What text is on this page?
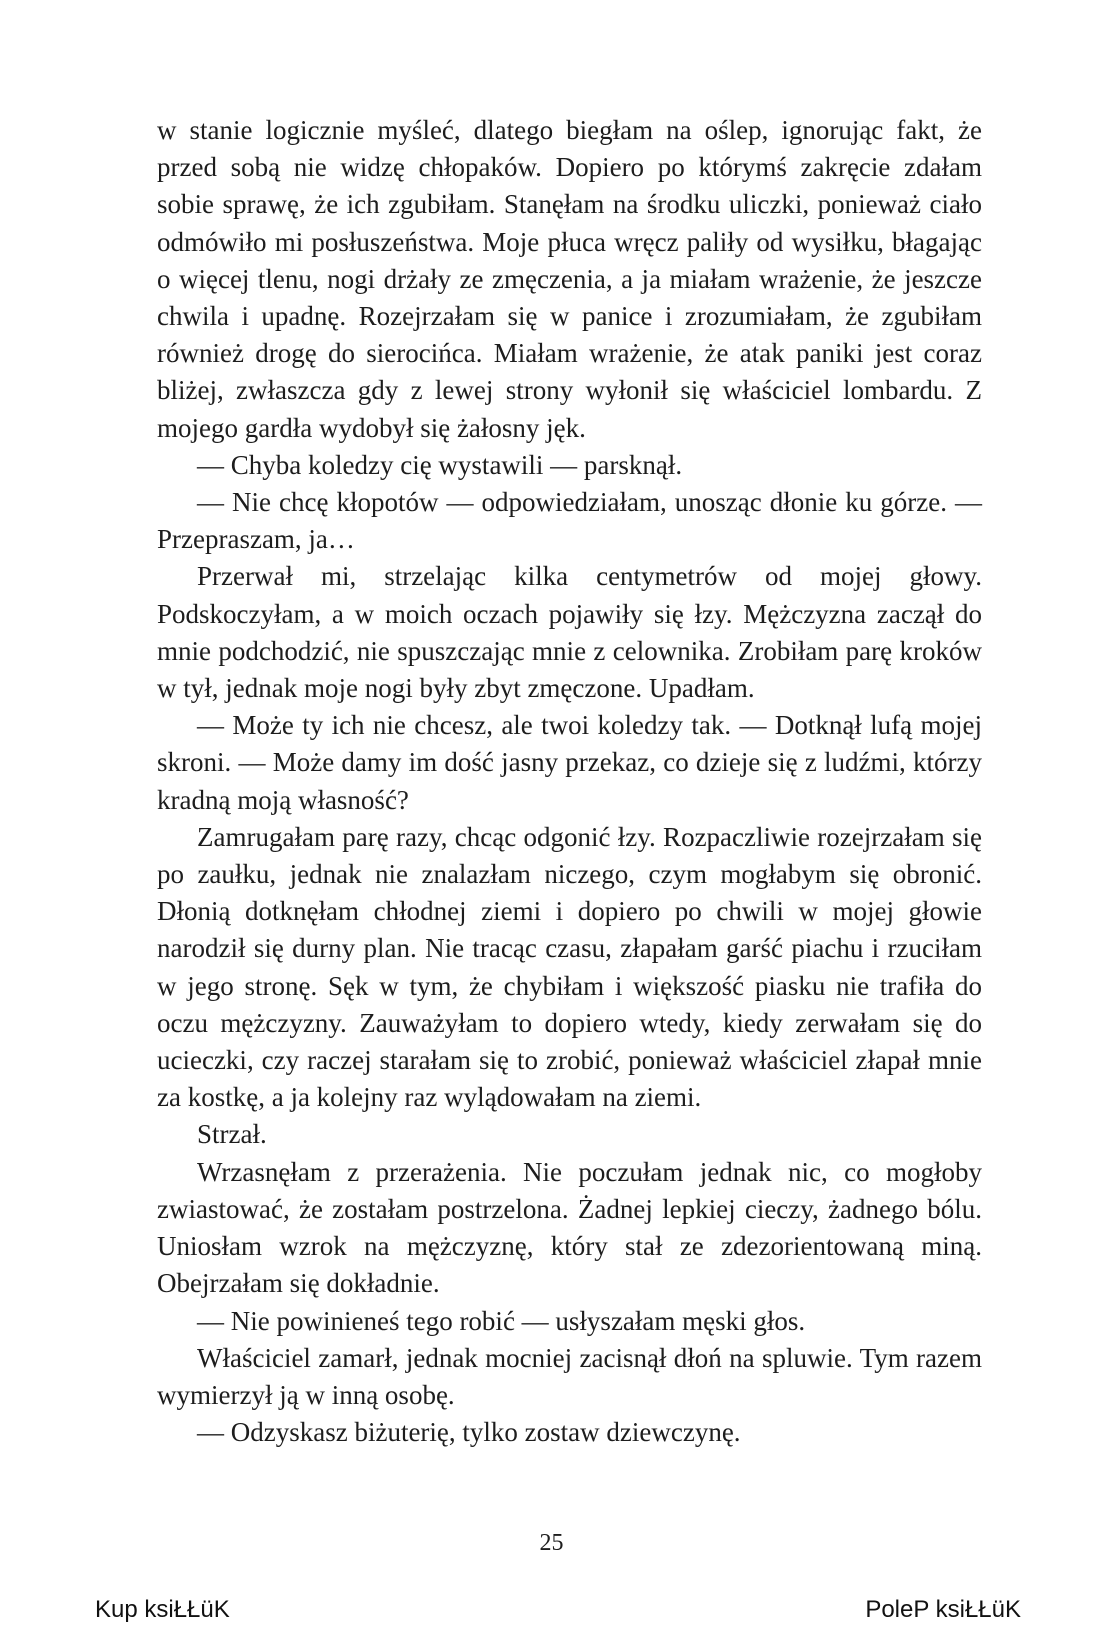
w stanie logicznie myśleć, dlatego biegłam na oślep, ignorując fakt, że przed sobą nie widzę chłopaków. Dopiero po którymś zakręcie zdałam sobie sprawę, że ich zgubiłam. Stanęłam na środku uliczki, ponieważ ciało odmówiło mi posłuszeństwa. Moje płuca wręcz paliły od wysiłku, błagając o więcej tlenu, nogi drżały ze zmęczenia, a ja miałam wrażenie, że jeszcze chwila i upadnę. Rozejrzałam się w panice i zrozumiałam, że zgubiłam również drogę do sierocińca. Miałam wrażenie, że atak paniki jest coraz bliżej, zwłaszcza gdy z lewej strony wyłonił się właściciel lombardu. Z mojego gardła wydobył się żałosny jęk.

— Chyba koledzy cię wystawili — parsknął.

— Nie chcę kłopotów — odpowiedziałam, unosząc dłonie ku górze. — Przepraszam, ja…

Przerwał mi, strzelając kilka centymetrów od mojej głowy. Podskoczyłam, a w moich oczach pojawiły się łzy. Mężczyzna zaczął do mnie podchodzić, nie spuszczając mnie z celownika. Zrobiłam parę kroków w tył, jednak moje nogi były zbyt zmęczone. Upadłam.

— Może ty ich nie chcesz, ale twoi koledzy tak. — Dotknął lufą mojej skroni. — Może damy im dość jasny przekaz, co dzieje się z ludźmi, którzy kradną moją własność?

Zamrugałam parę razy, chcąc odgonić łzy. Rozpaczliwie rozejrzałam się po zaułku, jednak nie znalazłam niczego, czym mogłabym się obronić. Dłonią dotknęłam chłodnej ziemi i dopiero po chwili w mojej głowie narodził się durny plan. Nie tracąc czasu, złapałam garść piachu i rzuciłam w jego stronę. Sęk w tym, że chybiłam i większość piasku nie trafiła do oczu mężczyzny. Zauważyłam to dopiero wtedy, kiedy zerwałam się do ucieczki, czy raczej starałam się to zrobić, ponieważ właściciel złapał mnie za kostkę, a ja kolejny raz wylądowałam na ziemi.

Strzał.

Wrzasnęłam z przerażenia. Nie poczułam jednak nic, co mogłoby zwiastować, że zostałam postrzelona. Żadnej lepkiej cieczy, żadnego bólu. Uniosłam wzrok na mężczyznę, który stał ze zdezorientowaną miną. Obejrzałam się dokładnie.

— Nie powinieneś tego robić — usłyszałam męski głos.

Właściciel zamarł, jednak mocniej zacisnął dłoń na spluwie. Tym razem wymierzył ją w inną osobę.

— Odzyskasz biżuterię, tylko zostaw dziewczynę.

25
Kup ksiŁŁüK	PoleP ksiŁŁüK
